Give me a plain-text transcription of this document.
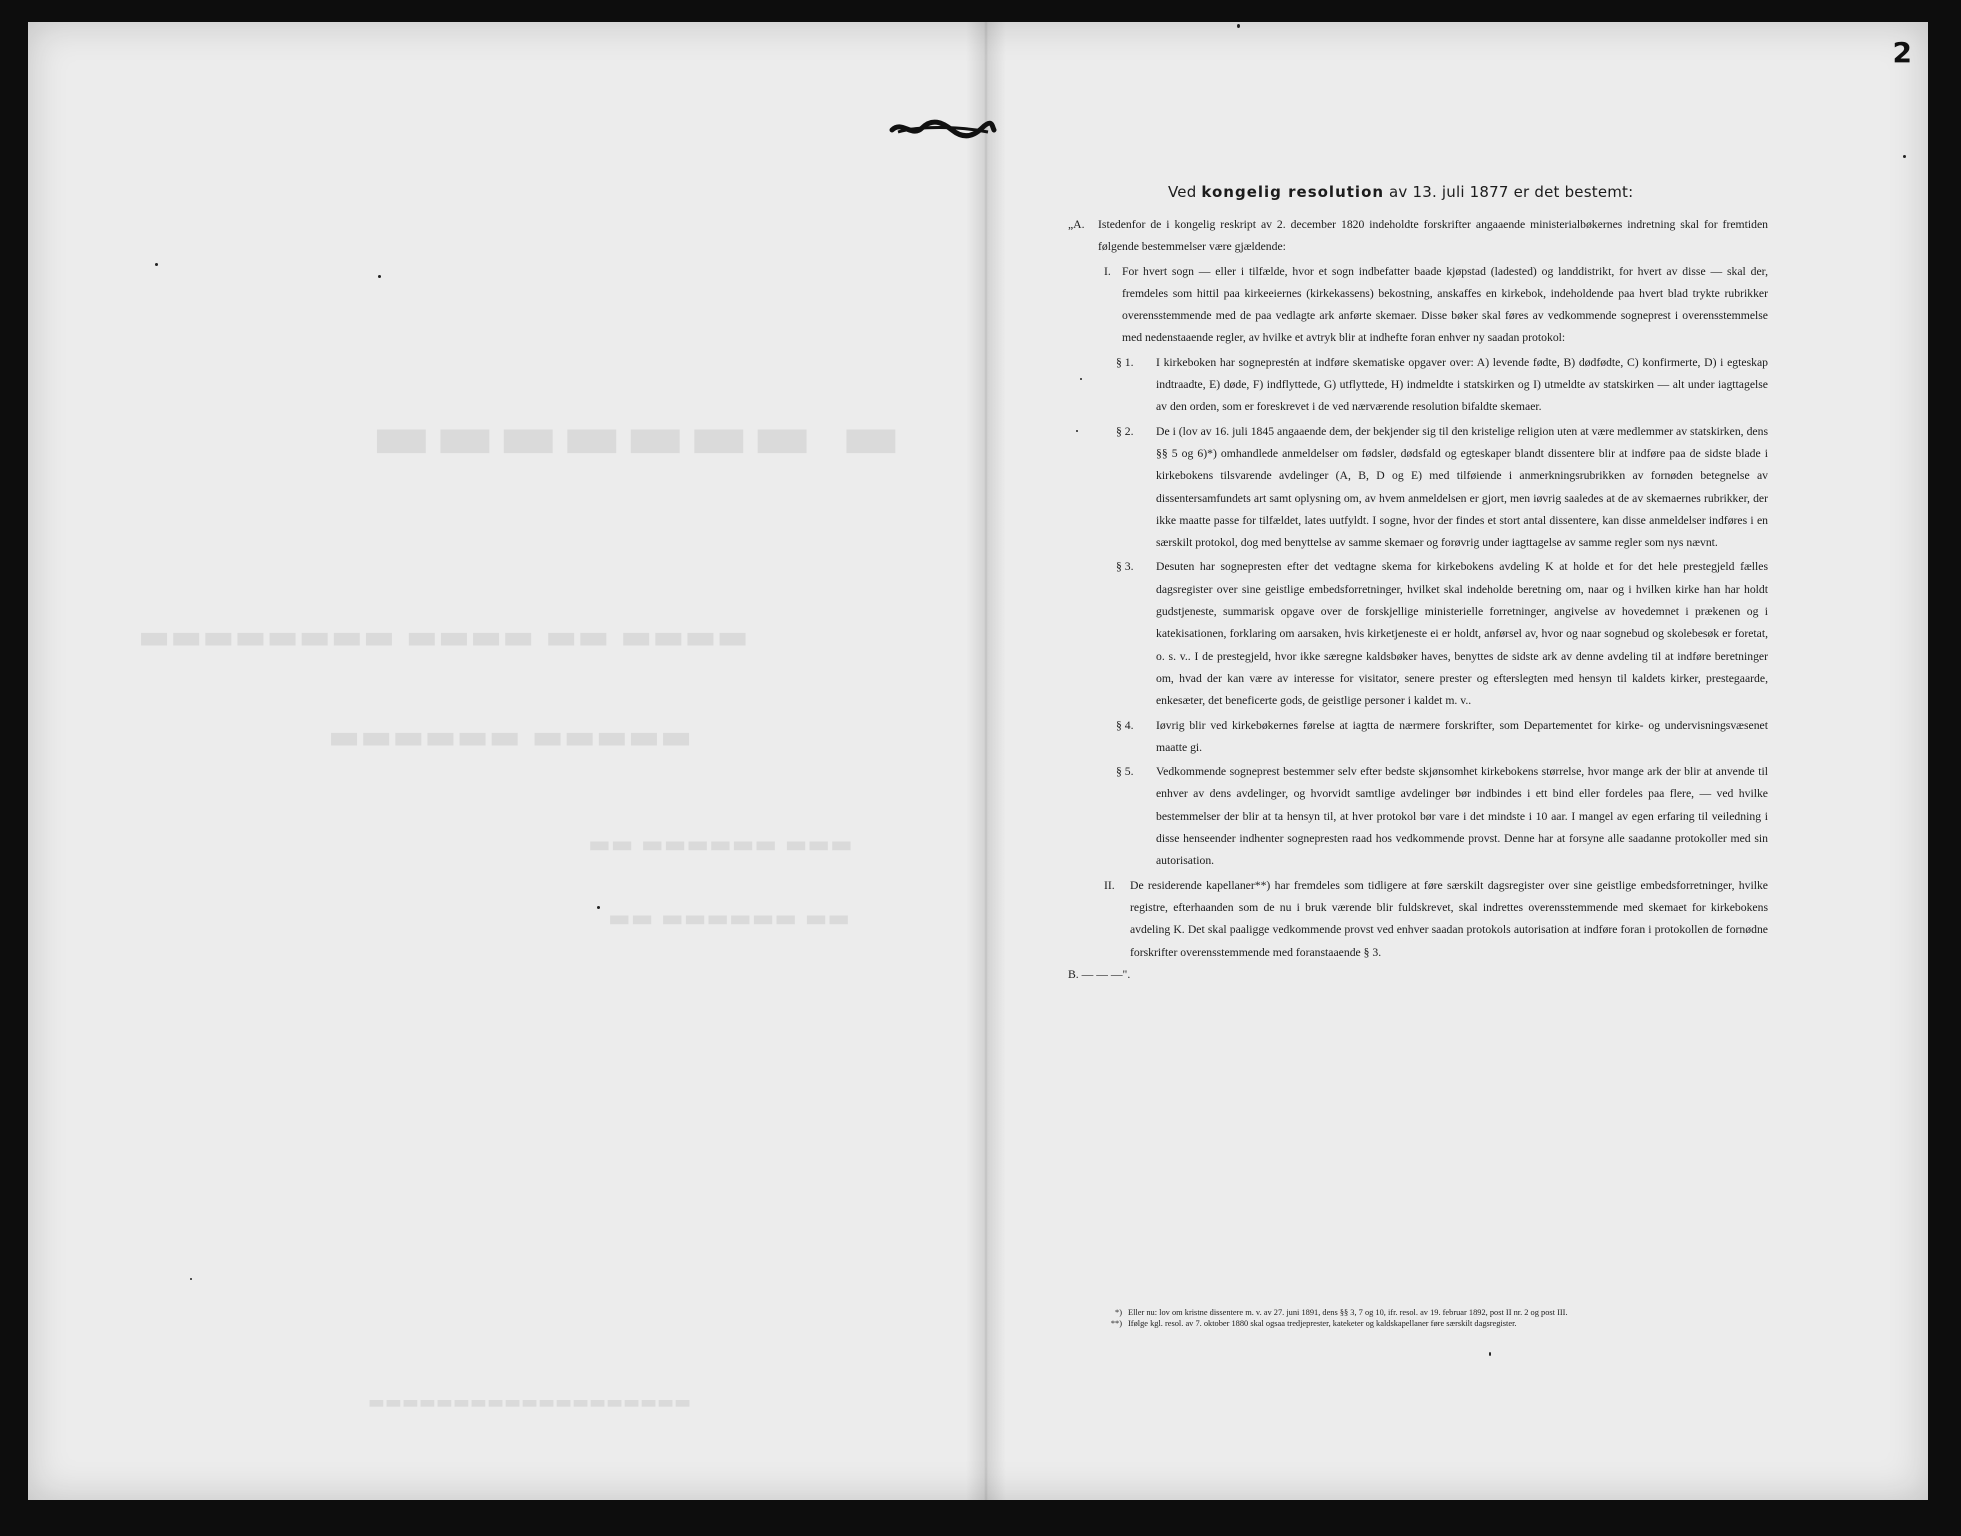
▬ ▬▬▬▬▬▬▬
▬▬▬▬ ▬▬ ▬▬▬▬ ▬▬▬▬▬▬▬▬
▬▬▬▬▬ ▬▬▬▬▬▬
▬▬▬ ▬▬▬▬▬▬ ▬▬
▬▬ ▬▬▬▬▬▬ ▬▬
▬▬▬▬▬▬▬▬▬▬▬▬▬▬▬▬▬▬▬
2
Ved kongelig resolution av 13. juli 1877 er det bestemt:

„A.	Istedenfor de i kongelig reskript av 2. december 1820 indeholdte forskrifter angaaende ministerialbøkernes indretning skal for fremtiden følgende bestemmelser være gjældende:
I. For hvert sogn — eller i tilfælde, hvor et sogn indbefatter baade kjøpstad (ladested) og landdistrikt, for hvert av disse — skal der, fremdeles som hittil paa kirkeeiernes (kirkekassens) bekostning, anskaffes en kirkebok, indeholdende paa hvert blad trykte rubrikker overensstemmende med de paa vedlagte ark anførte skemaer. Disse bøker skal føres av vedkommende sogneprest i overensstemmelse med nedenstaaende regler, av hvilke et avtryk blir at indhefte foran enhver ny saadan protokol:
§ 1.	I kirkeboken har sogneprestén at indføre skematiske opgaver over: A) levende fødte, B) dødfødte, C) konfirmerte, D) i egteskap indtraadte, E) døde, F) indflyttede, G) utflyttede, H) indmeldte i statskirken og I) utmeldte av statskirken — alt under iagttagelse av den orden, som er foreskrevet i de ved nærværende resolution bifaldte skemaer.
§ 2.	De i (lov av 16. juli 1845 angaaende dem, der bekjender sig til den kristelige religion uten at være medlemmer av statskirken, dens §§ 5 og 6)*) omhandlede anmeldelser om fødsler, dødsfald og egteskaper blandt dissentere blir at indføre paa de sidste blade i kirkebokens tilsvarende avdelinger (A, B, D og E) med tilføiende i anmerkningsrubrikken av fornøden betegnelse av dissentersamfundets art samt oplysning om, av hvem anmeldelsen er gjort, men iøvrig saaledes at de av skemaernes rubrikker, der ikke maatte passe for tilfældet, lates uutfyldt. I sogne, hvor der findes et stort antal dissentere, kan disse anmeldelser indføres i en særskilt protokol, dog med benyttelse av samme skemaer og forøvrig under iagttagelse av samme regler som nys nævnt.
§ 3.	Desuten har sognepresten efter det vedtagne skema for kirkebokens avdeling K at holde et for det hele prestegjeld fælles dagsregister over sine geistlige embedsforretninger, hvilket skal indeholde beretning om, naar og i hvilken kirke han har holdt gudstjeneste, summarisk opgave over de forskjellige ministerielle forretninger, angivelse av hovedemnet i prækenen og i katekisationen, forklaring om aarsaken, hvis kirketjeneste ei er holdt, anførsel av, hvor og naar sognebud og skolebesøk er foretat, o. s. v.. I de prestegjeld, hvor ikke særegne kaldsbøker haves, benyttes de sidste ark av denne avdeling til at indføre beretninger om, hvad der kan være av interesse for visitator, senere prester og efterslegten med hensyn til kaldets kirker, prestegaarde, enkesæter, det beneficerte gods, de geistlige personer i kaldet m. v..
§ 4.	Iøvrig blir ved kirkebøkernes førelse at iagtta de nærmere forskrifter, som Departementet for kirke- og undervisningsvæsenet maatte gi.
§ 5.	Vedkommende sogneprest bestemmer selv efter bedste skjønsomhet kirkebokens størrelse, hvor mange ark der blir at anvende til enhver av dens avdelinger, og hvorvidt samtlige avdelinger bør indbindes i ett bind eller fordeles paa flere, — ved hvilke bestemmelser der blir at ta hensyn til, at hver protokol bør vare i det mindste i 10 aar. I mangel av egen erfaring til veiledning i disse henseender indhenter sognepresten raad hos vedkommende provst. Denne har at forsyne alle saadanne protokoller med sin autorisation.
II.	De residerende kapellaner**) har fremdeles som tidligere at føre særskilt dagsregister over sine geistlige embedsforretninger, hvilke registre, efterhaanden som de nu i bruk værende blir fuldskrevet, skal indrettes overensstemmende med skemaet for kirkebokens avdeling K. Det skal paaligge vedkommende provst ved enhver saadan protokols autorisation at indføre foran i protokollen de fornødne forskrifter overensstemmende med foranstaaende § 3.

B. — — —".

*) Eller nu: lov om kristne dissentere m. v. av 27. juni 1891, dens §§ 3, 7 og 10, ifr. resol. av 19. februar 1892, post II nr. 2 og post III.
**) Ifølge kgl. resol. av 7. oktober 1880 skal ogsaa tredjeprester, kateketer og kaldskapellaner føre særskilt dagsregister.
